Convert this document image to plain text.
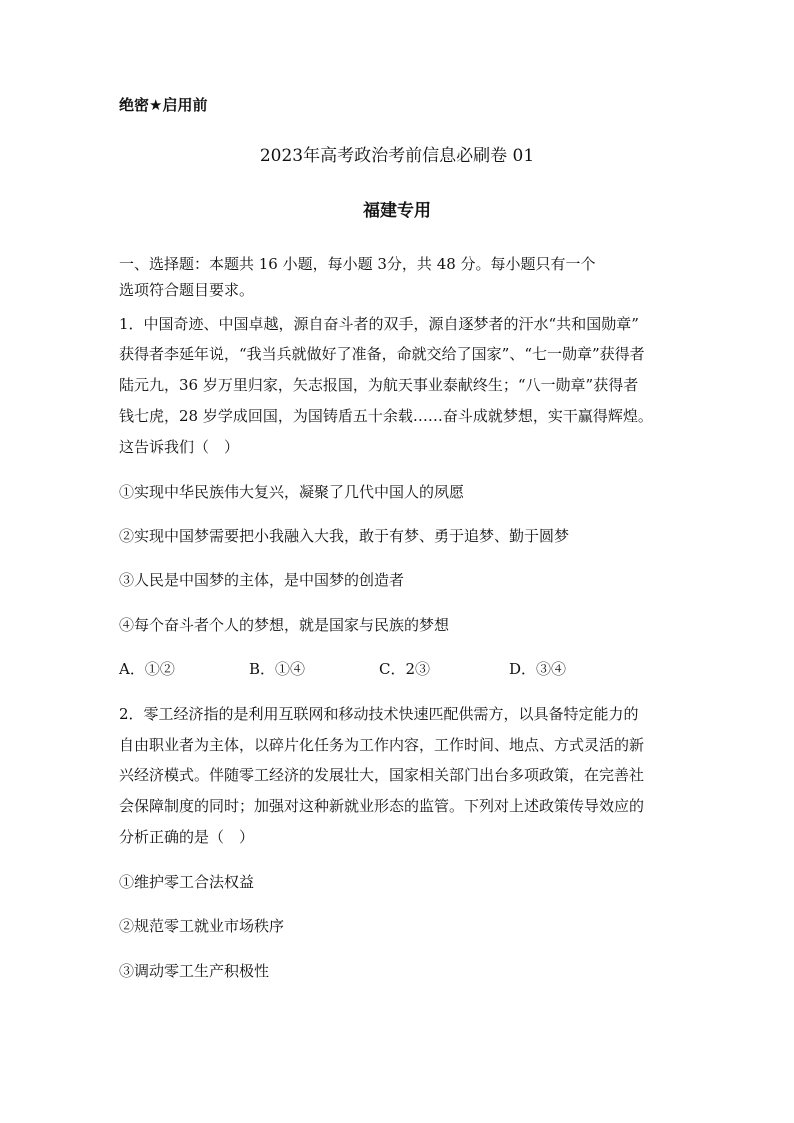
绝密★启用前
2023年高考政治考前信息必刷卷 01
福建专用
一、选择题：本题共 16 小题，每小题 3分，共 48 分。每小题只有一个
选项符合题目要求。
1．中国奇迹、中国卓越，源自奋斗者的双手，源自逐梦者的汗水“共和国勋章”
获得者李延年说，“我当兵就做好了准备，命就交给了国家”、“七一勋章”获得者
陆元九，36 岁万里归家，矢志报国，为航天事业泰献终生；“八一勋章”获得者
钱七虎，28 岁学成回国，为国铸盾五十余载……奋斗成就梦想，实干赢得辉煌。
这告诉我们（　）
①实现中华民族伟大复兴，凝聚了几代中国人的夙愿
②实现中国梦需要把小我融入大我，敢于有梦、勇于追梦、勤于圆梦
③人民是中国梦的主体，是中国梦的创造者
④每个奋斗者个人的梦想，就是国家与民族的梦想
A．①②	B．①④	C．2③	D．③④
2．零工经济指的是利用互联网和移动技术快速匹配供需方，以具备特定能力的
自由职业者为主体，以碎片化任务为工作内容，工作时间、地点、方式灵活的新
兴经济模式。伴随零工经济的发展壮大，国家相关部门出台多项政策，在完善社
会保障制度的同时；加强对这种新就业形态的监管。下列对上述政策传导效应的
分析正确的是（　）
①维护零工合法权益
②规范零工就业市场秩序
③调动零工生产积极性
